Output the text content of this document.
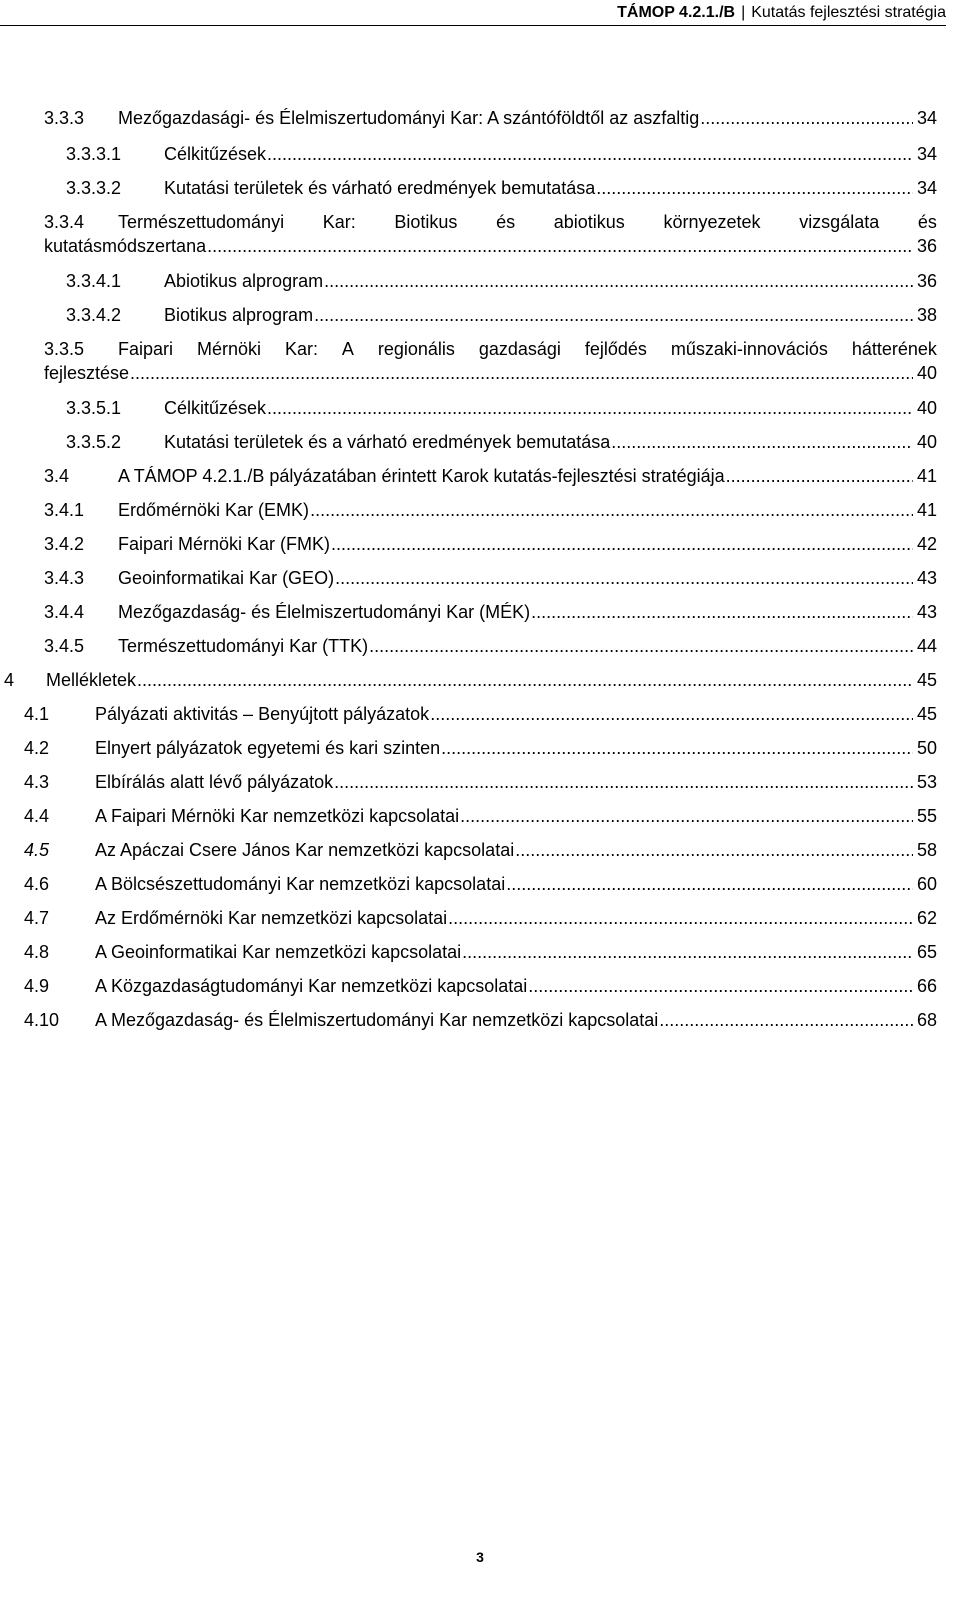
TÁMOP 4.2.1./B | Kutatás fejlesztési stratégia
3.3.3	Mezőgazdasági- és Élelmiszertudományi Kar: A szántóföldtől az aszfaltig .....	34
3.3.3.1	Célkitűzések .....	34
3.3.3.2	Kutatási területek és várható eredmények bemutatása .....	34
3.3.4	Természettudományi Kar: Biotikus és abiotikus környezetek vizsgálata és
kutatásmódszertana .....	36
3.3.4.1	Abiotikus alprogram .....	36
3.3.4.2	Biotikus alprogram .....	38
3.3.5	Faipari Mérnöki Kar: A regionális gazdasági fejlődés műszaki-innovációs hátterének
fejlesztése .....	40
3.3.5.1	Célkitűzések .....	40
3.3.5.2	Kutatási területek és a várható eredmények bemutatása .....	40
3.4	A TÁMOP 4.2.1./B pályázatában érintett Karok kutatás-fejlesztési stratégiája .....	41
3.4.1	Erdőmérnöki Kar (EMK) .....	41
3.4.2	Faipari Mérnöki Kar (FMK) .....	42
3.4.3	Geoinformatikai Kar (GEO) .....	43
3.4.4	Mezőgazdaság- és Élelmiszertudományi Kar (MÉK) .....	43
3.4.5	Természettudományi Kar (TTK) .....	44
4	Mellékletek .....	45
4.1	Pályázati aktivitás – Benyújtott pályázatok .....	45
4.2	Elnyert pályázatok egyetemi és kari szinten .....	50
4.3	Elbírálás alatt lévő pályázatok .....	53
4.4	A Faipari Mérnöki Kar nemzetközi kapcsolatai .....	55
4.5	Az Apáczai Csere János Kar nemzetközi kapcsolatai .....	58
4.6	A Bölcsészettudományi Kar nemzetközi kapcsolatai .....	60
4.7	Az Erdőmérnöki Kar nemzetközi kapcsolatai .....	62
4.8	A Geoinformatikai Kar nemzetközi kapcsolatai .....	65
4.9	A Közgazdaságtudományi Kar nemzetközi kapcsolatai .....	66
4.10	A Mezőgazdaság- és Élelmiszertudományi Kar nemzetközi kapcsolatai .....	68
3
